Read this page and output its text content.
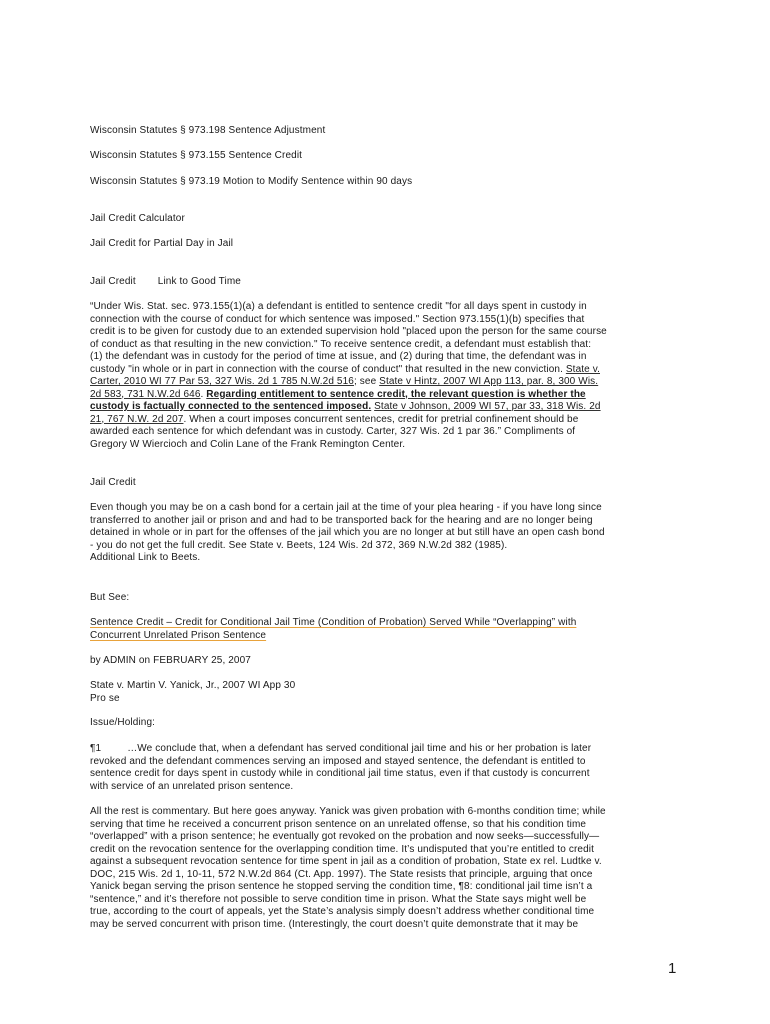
Wisconsin Statutes § 973.198 Sentence Adjustment
Wisconsin Statutes § 973.155 Sentence Credit
Wisconsin Statutes § 973.19 Motion to Modify Sentence within 90 days
Jail Credit Calculator
Jail Credit for Partial Day in Jail
Jail Credit Link to Good Time
“Under Wis. Stat. sec. 973.155(1)(a) a defendant is entitled to sentence credit "for all days spent in custody in
connection with the course of conduct for which sentence was imposed." Section 973.155(1)(b) specifies that
credit is to be given for custody due to an extended supervision hold "placed upon the person for the same course
of conduct as that resulting in the new conviction." To receive sentence credit, a defendant must establish that:
(1) the defendant was in custody for the period of time at issue, and (2) during that time, the defendant was in
custody "in whole or in part in connection with the course of conduct" that resulted in the new conviction. State v.
Carter, 2010 WI 77 Par 53, 327 Wis. 2d 1 785 N.W.2d 516; see State v Hintz, 2007 WI App 113, par. 8, 300 Wis.
2d 583, 731 N.W.2d 646. Regarding entitlement to sentence credit, the relevant question is whether the
custody is factually connected to the sentenced imposed. State v Johnson, 2009 WI 57, par 33, 318 Wis. 2d
21, 767 N.W. 2d 207. When a court imposes concurrent sentences, credit for pretrial confinement should be
awarded each sentence for which defendant was in custody. Carter, 327 Wis. 2d 1 par 36.” Compliments of
Gregory W Wiercioch and Colin Lane of the Frank Remington Center.
Jail Credit
Even though you may be on a cash bond for a certain jail at the time of your plea hearing - if you have long since
transferred to another jail or prison and and had to be transported back for the hearing and are no longer being
detained in whole or in part for the offenses of the jail which you are no longer at but still have an open cash bond
- you do not get the full credit. See State v. Beets, 124 Wis. 2d 372, 369 N.W.2d 382 (1985).
Additional Link to Beets.
But See:
Sentence Credit – Credit for Conditional Jail Time (Condition of Probation) Served While “Overlapping” with
Concurrent Unrelated Prison Sentence
by ADMIN on FEBRUARY 25, 2007
State v. Martin V. Yanick, Jr., 2007 WI App 30
Pro se
Issue/Holding:
¶1	…We conclude that, when a defendant has served conditional jail time and his or her probation is later
revoked and the defendant commences serving an imposed and stayed sentence, the defendant is entitled to
sentence credit for days spent in custody while in conditional jail time status, even if that custody is concurrent
with service of an unrelated prison sentence.
All the rest is commentary. But here goes anyway. Yanick was given probation with 6-months condition time; while
serving that time he received a concurrent prison sentence on an unrelated offense, so that his condition time
“overlapped” with a prison sentence; he eventually got revoked on the probation and now seeks—successfully—
credit on the revocation sentence for the overlapping condition time. It’s undisputed that you’re entitled to credit
against a subsequent revocation sentence for time spent in jail as a condition of probation, State ex rel. Ludtke v.
DOC, 215 Wis. 2d 1, 10-11, 572 N.W.2d 864 (Ct. App. 1997). The State resists that principle, arguing that once
Yanick began serving the prison sentence he stopped serving the condition time, ¶8: conditional jail time isn’t a
“sentence,” and it’s therefore not possible to serve condition time in prison. What the State says might well be
true, according to the court of appeals, yet the State’s analysis simply doesn’t address whether conditional time
may be served concurrent with prison time. (Interestingly, the court doesn’t quite demonstrate that it may be
1
